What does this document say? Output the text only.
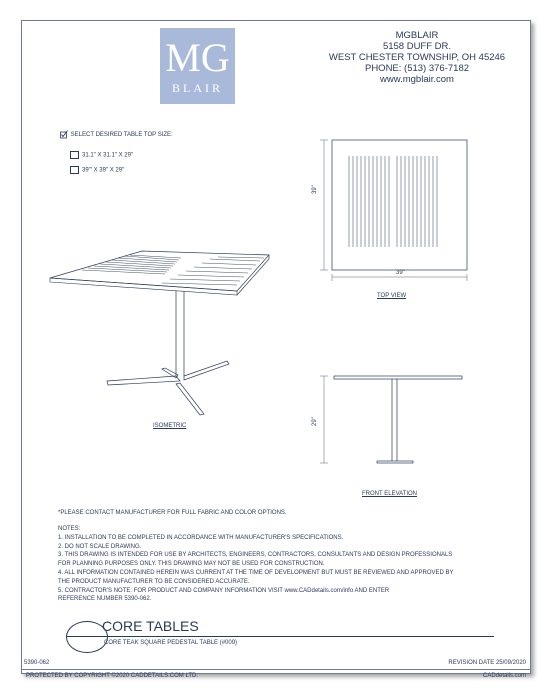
MG
BLAIR
MGBLAIR
5158 DUFF DR.
WEST CHESTER TOWNSHIP, OH 45246
PHONE: (513) 376-7182
www.mgblair.com
SELECT DESIRED TABLE TOP SIZE:
31.1" X 31.1" X 29"
39"' X 39" X 29"
39"
39"
TOP VIEW
ISOMETRIC	29"
FRONT ELEVATION
*PLEASE CONTACT MANUFACTURER FOR FULL FABRIC AND COLOR OPTIONS.
NOTES:
1. INSTALLATION TO BE COMPLETED IN ACCORDANCE WITH MANUFACTURER'S SPECIFICATIONS.
2. DO NOT SCALE DRAWING.
3. THIS DRAWING IS INTENDED FOR USE BY ARCHITECTS, ENGINEERS, CONTRACTORS, CONSULTANTS AND DESIGN PROFESSIONALS
FOR PLANNING PURPOSES ONLY. THIS DRAWING MAY NOT BE USED FOR CONSTRUCTION.
4. ALL INFORMATION CONTAINED HEREIN WAS CURRENT AT THE TIME OF DEVELOPMENT BUT MUST BE REVIEWED AND APPROVED BY
THE PRODUCT MANUFACTURER TO BE CONSIDERED ACCURATE.
5. CONTRACTOR'S NOTE: FOR PRODUCT AND COMPANY INFORMATION VISIT www.CADdetails.com/info AND ENTER
REFERENCE NUMBER 5390-062.
CORE TABLES
CORE TEAK SQUARE PEDESTAL TABLE (#009)
5390-062	REVISION DATE 25/09/2020
PROTECTED BY COPYRIGHT ©2020 CADDETAILS.COM LTD.	CADdetails.com
